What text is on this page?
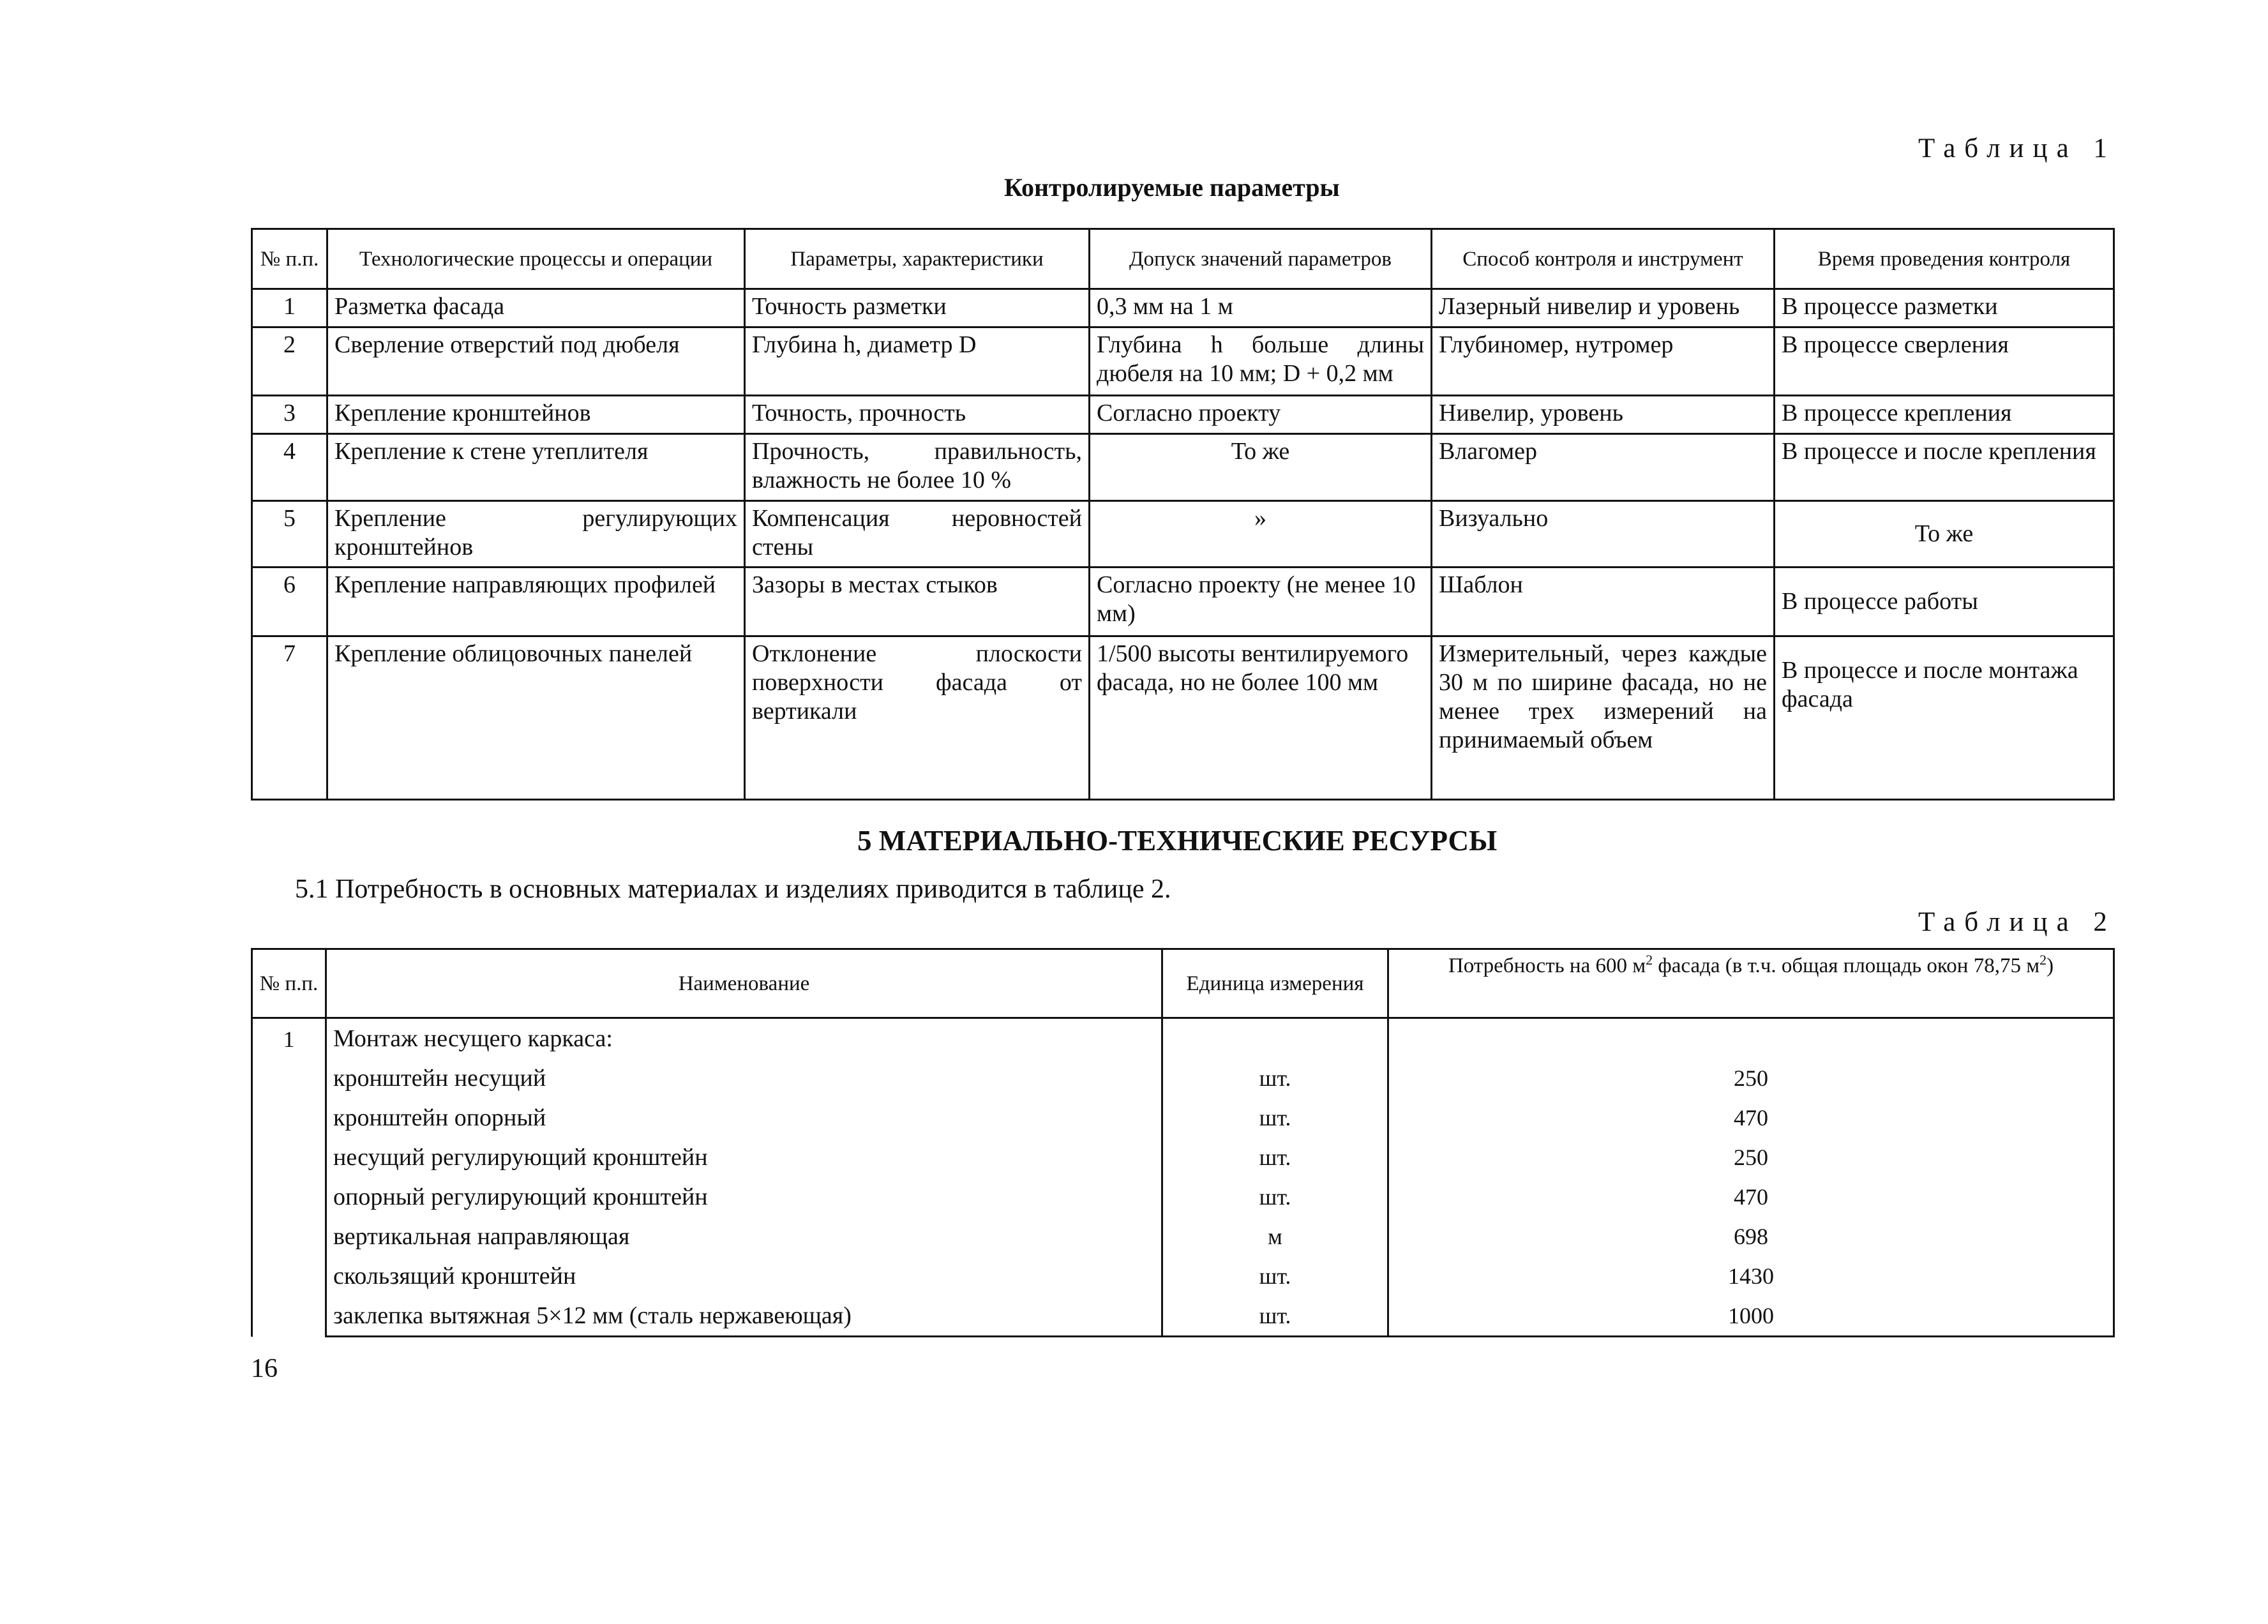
Таблица 1
Контролируемые параметры
№ п.п.	Технологические процессы и операции	Параметры, характеристики	Допуск значений параметров	Способ контроля и инструмент	Время проведения контроля
1	Разметка фасада	Точность разметки	0,3 мм на 1 м	Лазерный нивелир и уровень	В процессе разметки
2	Сверление отверстий под дюбеля	Глубина h, диаметр D	Глубина h больше длины дюбеля на 10 мм; D + 0,2 мм	Глубиномер, нутромер	В процессе сверления
3	Крепление кронштейнов	Точность, прочность	Согласно проекту	Нивелир, уровень	В процессе крепления
4	Крепление к стене утеплителя	Прочность, правильность, влажность не более 10 %	То же	Влагомер	В процессе и после крепления
5	Крепление регулирующих кронштейнов	Компенсация неровностей стены	»	Визуально	То же
6	Крепление направляющих профилей	Зазоры в местах стыков	Согласно проекту (не менее 10 мм)	Шаблон	В процессе работы
7	Крепление облицовочных панелей	Отклонение плоскости поверхности фасада от вертикали	1/500 высоты вентилируемого фасада, но не более 100 мм	Измерительный, через каждые 30 м по ширине фасада, но не менее трех измерений на принимаемый объем	В процессе и после монтажа фасада
5 МАТЕРИАЛЬНО-ТЕХНИЧЕСКИЕ РЕСУРСЫ
5.1 Потребность в основных материалах и изделиях приводится в таблице 2.
Таблица 2
№ п.п.	Наименование	Единица измерения	Потребность на 600 $м^2$ фасада (в т.ч. общая площадь окон 78,75 $м^2$)
1	Монтаж несущего каркаса:		
	кронштейн несущий	шт.	250
	кронштейн опорный	шт.	470
	несущий регулирующий кронштейн	шт.	250
	опорный регулирующий кронштейн	шт.	470
	вертикальная направляющая	м	698
	скользящий кронштейн	шт.	1430
	заклепка вытяжная 5×12 мм (сталь нержавеющая)	шт.	1000
16
